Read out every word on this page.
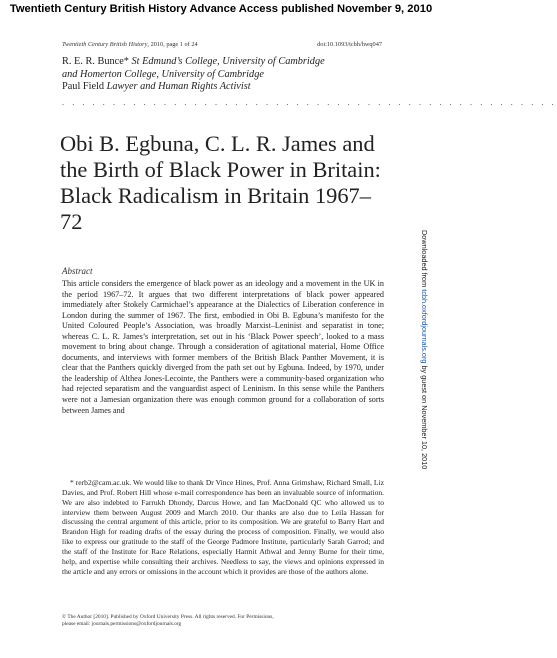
Twentieth Century British History Advance Access published November 9, 2010
Twentieth Century British History, 2010, page 1 of 24	doi:10.1093/tcbh/hwq047
R. E. R. Bunce* St Edmund’s College, University of Cambridge
and Homerton College, University of Cambridge
Paul Field Lawyer and Human Rights Activist
. . . . . . . . . . . . . . . . . . . . . . . . . . . . . . . . . . . . . . . . . . . . . . . . .
Obi B. Egbuna, C. L. R. James and the Birth of Black Power in Britain: Black Radicalism in Britain 1967–72
Abstract

This article considers the emergence of black power as an ideology and a movement in the UK in the period 1967–72. It argues that two different interpretations of black power appeared immediately after Stokely Carmichael’s appearance at the Dialectics of Liberation conference in London during the summer of 1967. The first, embodied in Obi B. Egbuna’s manifesto for the United Coloured People’s Association, was broadly Marxist–Leninist and separatist in tone; whereas C. L. R. James’s interpretation, set out in his ‘Black Power speech’, looked to a mass movement to bring about change. Through a consideration of agitational material, Home Office documents, and interviews with former members of the British Black Panther Movement, it is clear that the Panthers quickly diverged from the path set out by Egbuna. Indeed, by 1970, under the leadership of Althea Jones-Lecointe, the Panthers were a community-based organization who had rejected separatism and the vanguardist aspect of Leninism. In this sense while the Panthers were not a Jamesian organization there was enough common ground for a collaboration of sorts between James and

* rerb2@cam.ac.uk. We would like to thank Dr Vince Hines, Prof. Anna Grimshaw, Richard Small, Liz Davies, and Prof. Robert Hill whose e-mail correspondence has been an invaluable source of information. We are also indebted to Farrukh Dhondy, Darcus Howe, and Ian MacDonald QC who allowed us to interview them between August 2009 and March 2010. Our thanks are also due to Leila Hassan for discussing the central argument of this article, prior to its composition. We are grateful to Barry Hart and Brandon High for reading drafts of the essay during the process of composition. Finally, we would also like to express our gratitude to the staff of the George Padmore Institute, particularly Sarah Garrod; and the staff of the Institute for Race Relations, especially Harmit Athwal and Jenny Burne for their time, help, and expertise while consulting their archives. Needless to say, the views and opinions expressed in the article and any errors or omissions in the account which it provides are those of the authors alone.

© The Author [2010]. Published by Oxford University Press. All rights reserved. For Permissions,
please email: journals.permissions@oxfordjournals.org
Downloaded from tcbh.oxfordjournals.org by guest on November 10, 2010
